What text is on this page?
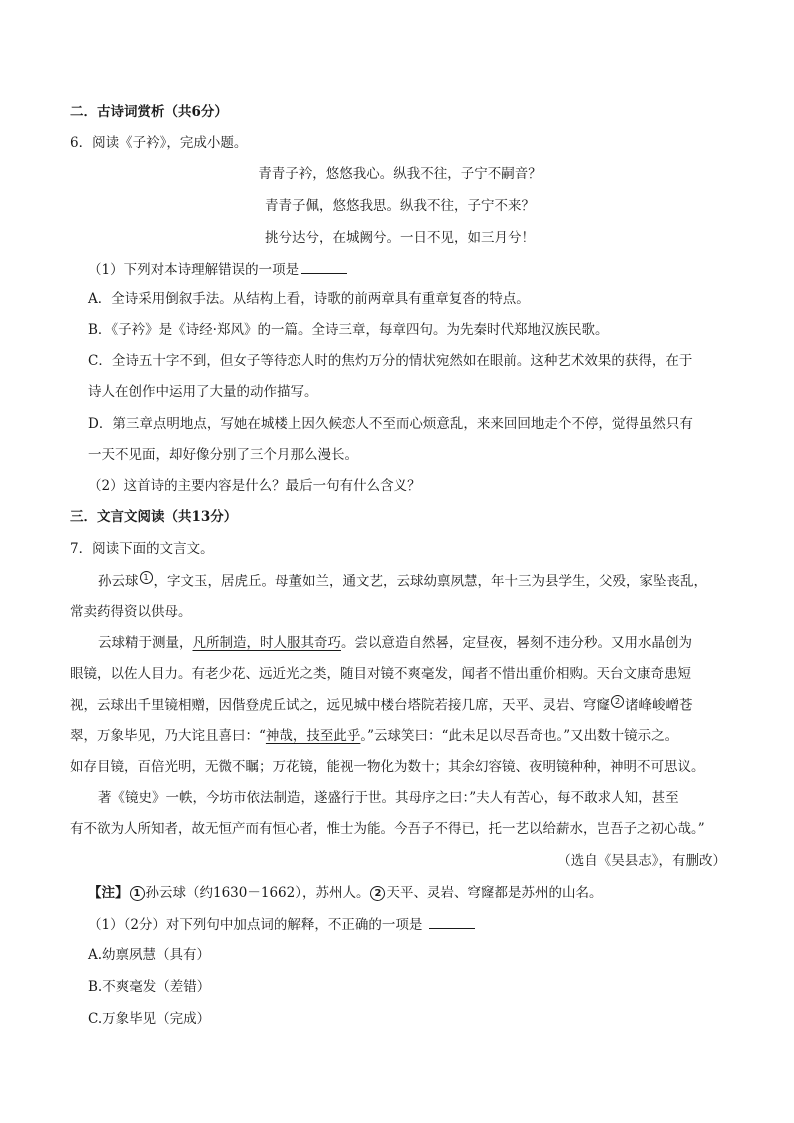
二．古诗词赏析（共6分）
6．阅读《子衿》，完成小题。
青青子衿，悠悠我心。纵我不往，子宁不嗣音？
青青子佩，悠悠我思。纵我不往，子宁不来？
挑兮达兮，在城阙兮。一日不见，如三月兮！
（1）下列对本诗理解错误的一项是
A．全诗采用倒叙手法。从结构上看，诗歌的前两章具有重章复沓的特点。
B．《子衿》是《诗经·郑风》的一篇。全诗三章，每章四句。为先秦时代郑地汉族民歌。
C．全诗五十字不到，但女子等待恋人时的焦灼万分的情状宛然如在眼前。这种艺术效果的获得，在于
诗人在创作中运用了大量的动作描写。
D．第三章点明地点，写她在城楼上因久候恋人不至而心烦意乱，来来回回地走个不停，觉得虽然只有
一天不见面，却好像分别了三个月那么漫长。
（2）这首诗的主要内容是什么？最后一句有什么含义？
三．文言文阅读（共13分）
7．阅读下面的文言文。
孙云球 1 ，字文玉，居虎丘。母董如兰，通文艺，云球幼禀夙慧，年十三为县学生，父殁，家坠丧乱，
常卖药得资以供母。
云球精于测量，凡所制造，时人服其奇巧。尝以意造自然晷，定昼夜，晷刻不违分秒。又用水晶创为
眼镜，以佐人目力。有老少花、远近光之类，随目对镜不爽毫发，闻者不惜出重价相购。天台文康奇患短
视，云球出千里镜相赠，因偕登虎丘试之，远见城中楼台塔院若接几席，天平、灵岩、穹窿 2 诸峰峻嶒苍
翠，万象毕见，乃大诧且喜曰：“神哉，技至此乎。”云球笑曰：“此未足以尽吾奇也。”又出数十镜示之。
如存目镜，百倍光明，无微不瞩；万花镜，能视一物化为数十；其余幻容镜、夜明镜种种，神明不可思议。
著《镜史》一帙，今坊市依法制造，遂盛行于世。其母序之曰：”夫人有苦心，每不敢求人知，甚至
有不欲为人所知者，故无恒产而有恒心者，惟士为能。今吾子不得已，托一艺以给薪水，岂吾子之初心哉。”
（选自《吴县志》，有删改）
【注】 1 孙云球（约1630－1662），苏州人。 2 天平、灵岩、穹窿都是苏州的山名。
（1）（2分）对下列句中加点词的解释，不正确的一项是
A.幼禀夙慧（具有）
B.不爽毫发（差错）
C.万象毕见（完成）
